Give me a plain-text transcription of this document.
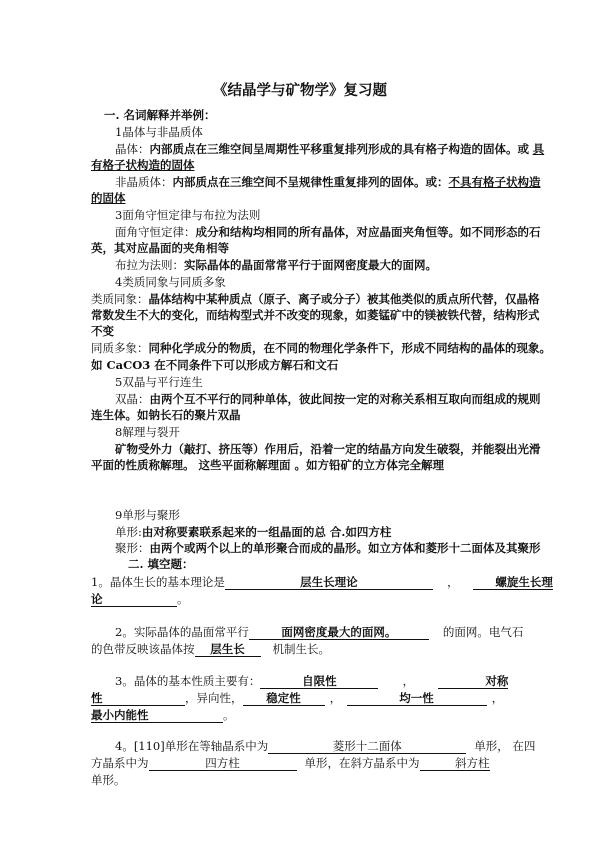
《结晶学与矿物学》复习题
一. 名词解释并举例：
1晶体与非晶质体
晶体：内部质点在三维空间呈周期性平移重复排列形成的具有格子构造的固体。或 具
有格子状构造的固体
非晶质体：内部质点在三维空间不呈规律性重复排列的固体。或：不具有格子状构造
的固体
3面角守恒定律与布拉为法则
面角守恒定律：成分和结构均相同的所有晶体，对应晶面夹角恒等。如不同形态的石
英，其对应晶面的夹角相等
布拉为法则：实际晶体的晶面常常平行于面网密度最大的面网。
4类质同象与同质多象
类质同象：晶体结构中某种质点（原子、离子或分子）被其他类似的质点所代替，仅晶格
常数发生不大的变化，而结构型式并不改变的现象，如菱锰矿中的镁被铁代替，结构形式
不变
同质多象：同种化学成分的物质，在不同的物理化学条件下，形成不同结构的晶体的现象。
如 CaCO3 在不同条件下可以形成方解石和文石
5双晶与平行连生
双晶：由两个互不平行的同种单体，彼此间按一定的对称关系相互取向而组成的规则
连生体。如钠长石的聚片双晶
8解理与裂开
矿物受外力（敲打、挤压等）作用后，沿着一定的结晶方向发生破裂，并能裂出光滑
平面的性质称解理。 这些平面称解理面 。如方铅矿的立方体完全解理
9单形与聚形
单形:由对称要素联系起来的一组晶面的总 合.如四方柱
聚形：由两个或两个以上的单形聚合而成的晶形。如立方体和菱形十二面体及其聚形
二. 填空题：
1。晶体生长的基本理论是	层生长理论	，	螺旋生长理
论	。
2。实际晶体的晶面常平行	面网密度最大的面网。	的面网。电气石
的色带反映该晶体按 层生长 机制生长。
3。晶体的基本性质主要有：	自限性	，	对称
性	，异向性， 稳定性	，	均一性	，
最小内能性	。
4。[110]单形在等轴晶系中为	菱形十二面体	单形， 在四
方晶系中为	四方柱	单形，在斜方晶系中为	斜方柱
单形。
